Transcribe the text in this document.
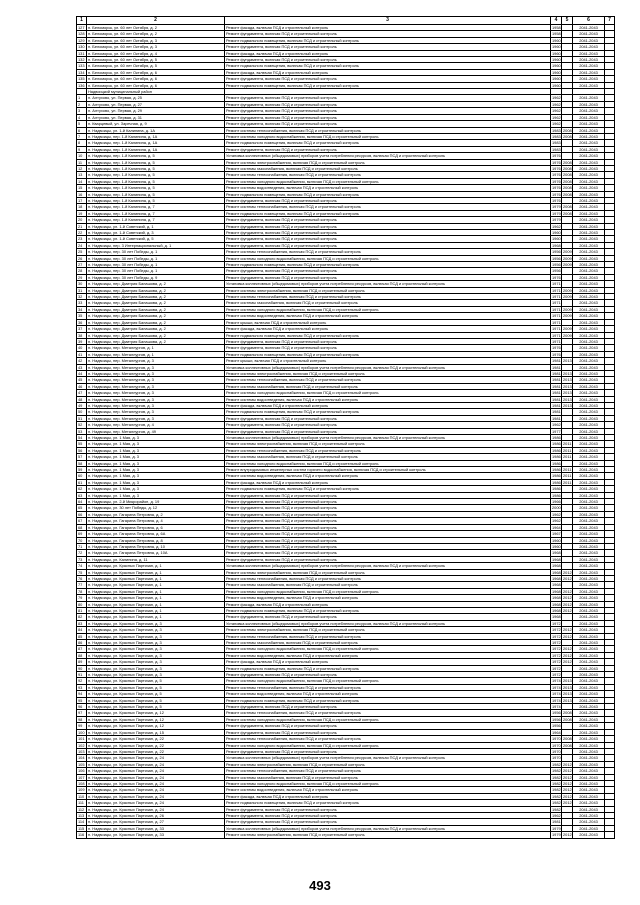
1	2	3	4	5	6	7
127	п. Беломорск, ул. 60 лет Октября, д. 2	Ремонт фасада, включая ПСД и строительный контроль	1958		2041-2043	
128	п. Беломорск, ул. 60 лет Октября, д. 2	Ремонт фундамента, включая ПСД и строительный контроль	1958		2041-2043	
129	п. Беломорск, ул. 60 лет Октября, д. 3	Ремонт подвального помещения, включая ПСД и строительный контроль	1960		2041-2043	
130	п. Беломорск, ул. 60 лет Октября, д. 3	Ремонт фундамента, включая ПСД и строительный контроль	1960		2041-2043	
131	п. Беломорск, ул. 60 лет Октября, д. 4	Ремонт фасада, включая ПСД и строительный контроль	1960		2041-2043	
132	п. Беломорск, ул. 60 лет Октября, д. 5	Ремонт фундамента, включая ПСД и строительный контроль	1960		2041-2043	
133	п. Беломорск, ул. 60 лет Октября, д. 5	Ремонт подвального помещения, включая ПСД и строительный контроль	1960		2041-2043	
134	п. Беломорск, ул. 60 лет Октября, д. 6	Ремонт фасада, включая ПСД и строительный контроль	1960		2041-2043	
135	п. Беломорск, ул. 60 лет Октября, д. 6	Ремонт фундамента, включая ПСД и строительный контроль	1960		2041-2043	
136	п. Беломорск, ул. 60 лет Октября, д. 6	Ремонт подвального помещения, включая ПСД и строительный контроль	1960		2041-2043	
	Надвоицкий муниципальный район					
1	п. Алтухово, ул. Первая, д. 25	Ремонт фундамента, включая ПСД и строительный контроль	1962		2041-2043	
2	п. Алтухово, ул. Первая, д. 27	Ремонт фундамента, включая ПСД и строительный контроль	1962		2041-2043	
3	п. Алтухово, ул. Первая, д. 29	Ремонт фундамента, включая ПСД и строительный контроль	1962		2041-2043	
4	п. Алтухово, ул. Первая, д. 31	Ремонт фундамента, включая ПСД и строительный контроль	1962		2041-2043	
5	п. Кварцевый, ул. Заречная, д. 9	Ремонт фундамента, включая ПСД и строительный контроль	1962		2041-2043	
6	п. Надвоицы, ул. 1-й Калинина, д. 1А	Ремонт системы теплоснабжения, включая ПСД и строительный контроль	1983	2008	2041-2043	
7	п. Надвоицы, пер. 1-й Калинина, д. 1А	Ремонт системы холодного водоснабжения, включая ПСД и строительный контроль	1983	2008	2041-2043	
8	п. Надвоицы, пер. 1-й Калинина, д. 1А	Ремонт подвального помещения, включая ПСД и строительный контроль	1983		2041-2043	
9	п. Надвоицы, пер. 1-й Калинина, д. 1А	Ремонт фундамента, включая ПСД и строительный контроль	1983		2041-2043	
10	п. Надвоицы, пер. 1-й Калинина, д. 5	Установка коллективных (общедомовых) приборов учета потребления ресурсов, включая ПСД и строительный контроль	1976		2041-2043	
11	п. Надвоицы, пер. 1-й Калинина, д. 5	Ремонт системы электроснабжения, включая ПСД и строительный контроль	1976	2008	2041-2043	
12	п. Надвоицы, пер. 1-й Калинина, д. 5	Ремонт системы газоснабжения, включая ПСД и строительный контроль	1976	2008	2041-2043	
13	п. Надвоицы, пер. 1-й Калинина, д. 5	Ремонт системы теплоснабжения, включая ПСД и строительный контроль	1976	2008	2041-2043	
14	п. Надвоицы, пер. 1-й Калинина, д. 5	Ремонт системы холодного водоснабжения, включая ПСД и строительный контроль	1976	2008	2041-2043	
15	п. Надвоицы, пер. 1-й Калинина, д. 5	Ремонт системы водоотведения, включая ПСД и строительный контроль	1976	2008	2041-2043	
16	п. Надвоицы, пер. 1-й Калинина, д. 5	Ремонт подвального помещения, включая ПСД и строительный контроль	1976	2008	2041-2043	
17	п. Надвоицы, пер. 1-й Калинина, д. 5	Ремонт фундамента, включая ПСД и строительный контроль	1976		2041-2043	
18	п. Надвоицы, пер. 1-й Калинина, д. 7	Ремонт системы теплоснабжения, включая ПСД и строительный контроль	1979	2008	2041-2043	
19	п. Надвоицы, пер. 1-й Калинина, д. 7	Ремонт подвального помещения, включая ПСД и строительный контроль	1979	2008	2041-2043	
20	п. Надвоицы, пер. 1-й Калинина, д. 7	Ремонт фундамента, включая ПСД и строительный контроль	1979		2041-2043	
21	п. Надвоицы, ул. 1-й Советский, д. 1	Ремонт фундамента, включая ПСД и строительный контроль	1962		2041-2043	
22	п. Надвоицы, ул. 1-й Советский, д. 3	Ремонт фундамента, включая ПСД и строительный контроль	1960		2041-2043	
23	п. Надвоицы, ул. 1-й Советский, д. 5	Ремонт фундамента, включая ПСД и строительный контроль	1960		2041-2043	
24	п. Надвоицы, пер. 3 Интернациональный, д. 1	Ремонт фундамента, включая ПСД и строительный контроль	1968		2041-2043	
25	п. Надвоицы, пер. 30 лет Победы, д. 1	Ремонт системы теплоснабжения, включая ПСД и строительный контроль	1956	2009	2041-2043	
26	п. Надвоицы, пер. 30 лет Победы, д. 1	Ремонт системы холодного водоснабжения, включая ПСД и строительный контроль	1956	2009	2041-2043	
27	п. Надвоицы, пер. 30 лет Победы, д. 1	Ремонт подвального помещения, включая ПСД и строительный контроль	1956	2009	2041-2043	
28	п. Надвоицы, пер. 30 лет Победы, д. 1	Ремонт фундамента, включая ПСД и строительный контроль	1956		2041-2043	
29	п. Надвоицы, пер. 30 лет Победы, д. 9	Ремонт фундамента, включая ПСД и строительный контроль	1976		2041-2043	
30	п. Надвоицы, пер. Дмитрия Балашова, д. 2	Установка коллективных (общедомовых) приборов учета потребления ресурсов, включая ПСД и строительный контроль	1971		2041-2043	
31	п. Надвоицы, пер. Дмитрия Балашова, д. 2	Ремонт системы электроснабжения, включая ПСД и строительный контроль	1971	2009	2041-2043	
32	п. Надвоицы, пер. Дмитрия Балашова, д. 2	Ремонт системы теплоснабжения, включая ПСД и строительный контроль	1971	2009	2041-2043	
33	п. Надвоицы, пер. Дмитрия Балашова, д. 2	Ремонт системы газоснабжения, включая ПСД и строительный контроль	1971		2041-2043	
34	п. Надвоицы, пер. Дмитрия Балашова, д. 2	Ремонт системы холодного водоснабжения, включая ПСД и строительный контроль	1971	2009	2041-2043	
35	п. Надвоицы, пер. Дмитрия Балашова, д. 2	Ремонт системы водоотведения, включая ПСД и строительный контроль	1971	2009	2041-2043	
36	п. Надвоицы, пер. Дмитрия Балашова, д. 2	Ремонт крыши, включая ПСД и строительный контроль	1971		2041-2043	
37	п. Надвоицы, пер. Дмитрия Балашова, д. 2	Ремонт фасада, включая ПСД и строительный контроль	1971	2009	2041-2043	
38	п. Надвоицы, пер. Дмитрия Балашова, д. 2	Ремонт подвального помещения, включая ПСД и строительный контроль	1971	2009	2041-2043	
39	п. Надвоицы, пер. Дмитрия Балашова, д. 2	Ремонт фундамента, включая ПСД и строительный контроль	1971		2041-2043	
40	п. Надвоицы, пер. Металлургов, д. 1	Ремонт фундамента, включая ПСД и строительный контроль	1976		2041-2043	
41	п. Надвоицы, пер. Металлургов, д. 1	Ремонт подвального помещения, включая ПСД и строительный контроль	1976		2041-2043	
42	п. Надвоицы, пер. Металлургов, д. 3	Ремонт крыши, включая ПСД и строительный контроль	1981	2013	2041-2043	
43	п. Надвоицы, пер. Металлургов, д. 3	Установка коллективных (общедомовых) приборов учета потребления ресурсов, включая ПСД и строительный контроль	1981		2041-2043	
44	п. Надвоицы, пер. Металлургов, д. 3	Ремонт системы электроснабжения, включая ПСД и строительный контроль	1981	2013	2041-2043	
45	п. Надвоицы, пер. Металлургов, д. 3	Ремонт системы теплоснабжения, включая ПСД и строительный контроль	1981	2013	2041-2043	
46	п. Надвоицы, пер. Металлургов, д. 3	Ремонт системы газоснабжения, включая ПСД и строительный контроль	1981	2013	2041-2043	
47	п. Надвоицы, пер. Металлургов, д. 3	Ремонт системы холодного водоснабжения, включая ПСД и строительный контроль	1981	2013	2041-2043	
48	п. Надвоицы, пер. Металлургов, д. 3	Ремонт системы водоотведения, включая ПСД и строительный контроль	1981	2013	2041-2043	
49	п. Надвоицы, пер. Металлургов, д. 3	Ремонт фасада, включая ПСД и строительный контроль	1981	2013	2041-2043	
50	п. Надвоицы, пер. Металлургов, д. 3	Ремонт подвального помещения, включая ПСД и строительный контроль	1981		2041-2043	
51	п. Надвоицы, пер. Металлургов, д. 3	Ремонт фундамента, включая ПСД и строительный контроль	1981		2041-2043	
52	п. Надвоицы, пер. Металлургов, д. 4	Ремонт фундамента, включая ПСД и строительный контроль	1962		2041-2043	
53	п. Надвоицы, пер. Металлургов, д. 49	Ремонт фундамента, включая ПСД и строительный контроль	1977		2041-2043	
54	п. Надвоицы, ул. 1 Мая, д. 3	Установка коллективных (общедомовых) приборов учета потребления ресурсов, включая ПСД и строительный контроль	1986		2041-2043	
55	п. Надвоицы, ул. 1 Мая, д. 3	Ремонт системы электроснабжения, включая ПСД и строительный контроль	1986	2011	2041-2043	
56	п. Надвоицы, ул. 1 Мая, д. 3	Ремонт системы теплоснабжения, включая ПСД и строительный контроль	1986	2011	2041-2043	
57	п. Надвоицы, ул. 1 Мая, д. 3	Ремонт системы газоснабжения, включая ПСД и строительный контроль	1986	2011	2041-2043	
58	п. Надвоицы, ул. 1 Мая, д. 3	Ремонт системы холодного водоснабжения, включая ПСД и строительный контроль	1986		2041-2043	
59	п. Надвоицы, ул. 1 Мая, д. 3	Ремонт внутридомовых инженерных систем горячего водоснабжения, включая ПСД и строительный контроль	1986	2011	2041-2043	
60	п. Надвоицы, ул. 1 Мая, д. 3	Ремонт системы водоотведения, включая ПСД и строительный контроль	1986	2011	2041-2043	
61	п. Надвоицы, ул. 1 Мая, д. 3	Ремонт фасада, включая ПСД и строительный контроль	1986	2011	2041-2043	
62	п. Надвоицы, ул. 1 Мая, д. 3	Ремонт подвального помещения, включая ПСД и строительный контроль	1986		2041-2043	
63	п. Надвоицы, ул. 1 Мая, д. 3	Ремонт фундамента, включая ПСД и строительный контроль	1986		2041-2043	
64	п. Надвоицы, ул. 2-й Микрорайон, д. 19	Ремонт фундамента, включая ПСД и строительный контроль	1966		2041-2043	
65	п. Надвоицы, ул. 30 лет Победы, д. 12	Ремонт фундамента, включая ПСД и строительный контроль	2000		2041-2043	
66	п. Надвоицы, ул. Гагарина Петровна, д. 2	Ремонт фундамента, включая ПСД и строительный контроль	1962		2041-2043	
67	п. Надвоицы, ул. Гагарина Петровна, д. 4	Ремонт фундамента, включая ПСД и строительный контроль	1962		2041-2043	
68	п. Надвоицы, ул. Гагарина Петровна, д. 6	Ремонт фундамента, включая ПСД и строительный контроль	1964		2041-2043	
69	п. Надвоицы, ул. Гагарина Петровна, д. 6А	Ремонт фундамента, включая ПСД и строительный контроль	1967		2041-2043	
70	п. Надвоицы, ул. Гагарина Петровна, д. 8	Ремонт фундамента, включая ПСД и строительный контроль	1960		2041-2043	
71	п. Надвоицы, ул. Гагарина Петровна, д. 10	Ремонт фундамента, включая ПСД и строительный контроль	1960		2041-2043	
72	п. Надвоицы, ул. Гагарина Петровна, д. 10А	Ремонт фундамента, включая ПСД и строительный контроль	1968		2041-2043	
73	п. Надвоицы, ул. Калинина, д. 11	Ремонт фундамента, включая ПСД и строительный контроль	1968		2041-2043	
74	п. Надвоицы, ул. Красных Партизан, д. 1	Установка коллективных (общедомовых) приборов учета потребления ресурсов, включая ПСД и строительный контроль	1968		2041-2043	
75	п. Надвоицы, ул. Красных Партизан, д. 1	Ремонт системы электроснабжения, включая ПСД и строительный контроль	1968	2012	2041-2043	
76	п. Надвоицы, ул. Красных Партизан, д. 1	Ремонт системы теплоснабжения, включая ПСД и строительный контроль	1968	2012	2041-2043	
77	п. Надвоицы, ул. Красных Партизан, д. 1	Ремонт системы газоснабжения, включая ПСД и строительный контроль	1968		2041-2043	
78	п. Надвоицы, ул. Красных Партизан, д. 1	Ремонт системы холодного водоснабжения, включая ПСД и строительный контроль	1968	2012	2041-2043	
79	п. Надвоицы, ул. Красных Партизан, д. 1	Ремонт системы водоотведения, включая ПСД и строительный контроль	1968	2012	2041-2043	
80	п. Надвоицы, ул. Красных Партизан, д. 1	Ремонт фасада, включая ПСД и строительный контроль	1968	2012	2041-2043	
81	п. Надвоицы, ул. Красных Партизан, д. 1	Ремонт подвального помещения, включая ПСД и строительный контроль	1968	2012	2041-2043	
82	п. Надвоицы, ул. Красных Партизан, д. 1	Ремонт фундамента, включая ПСД и строительный контроль	1968		2041-2043	
83	п. Надвоицы, ул. Красных Партизан, д. 3	Установка коллективных (общедомовых) приборов учета потребления ресурсов, включая ПСД и строительный контроль	1972		2041-2043	
84	п. Надвоицы, ул. Красных Партизан, д. 3	Ремонт системы электроснабжения, включая ПСД и строительный контроль	1972	2012	2041-2043	
85	п. Надвоицы, ул. Красных Партизан, д. 3	Ремонт системы теплоснабжения, включая ПСД и строительный контроль	1972	2012	2041-2043	
86	п. Надвоицы, ул. Красных Партизан, д. 3	Ремонт системы газоснабжения, включая ПСД и строительный контроль	1972		2041-2043	
87	п. Надвоицы, ул. Красных Партизан, д. 3	Ремонт системы холодного водоснабжения, включая ПСД и строительный контроль	1972	2012	2041-2043	
88	п. Надвоицы, ул. Красных Партизан, д. 3	Ремонт системы водоотведения, включая ПСД и строительный контроль	1972	2012	2041-2043	
89	п. Надвоицы, ул. Красных Партизан, д. 3	Ремонт фасада, включая ПСД и строительный контроль	1972	2012	2041-2043	
90	п. Надвоицы, ул. Красных Партизан, д. 3	Ремонт подвального помещения, включая ПСД и строительный контроль	1972		2041-2043	
91	п. Надвоицы, ул. Красных Партизан, д. 3	Ремонт фундамента, включая ПСД и строительный контроль	1972		2041-2043	
92	п. Надвоицы, ул. Красных Партизан, д. 5	Ремонт системы холодного водоснабжения, включая ПСД и строительный контроль	1974	2013	2041-2043	
93	п. Надвоицы, ул. Красных Партизан, д. 5	Ремонт системы теплоснабжения, включая ПСД и строительный контроль	1974	2013	2041-2043	
94	п. Надвоицы, ул. Красных Партизан, д. 5	Ремонт системы водоотведения, включая ПСД и строительный контроль	1974	2013	2041-2043	
95	п. Надвоицы, ул. Красных Партизан, д. 5	Ремонт подвального помещения, включая ПСД и строительный контроль	1974	2013	2041-2043	
96	п. Надвоицы, ул. Красных Партизан, д. 5	Ремонт фундамента, включая ПСД и строительный контроль	1974		2041-2043	
97	п. Надвоицы, ул. Красных Партизан, д. 12	Ремонт системы теплоснабжения, включая ПСД и строительный контроль	1956	2008	2041-2043	
98	п. Надвоицы, ул. Красных Партизан, д. 12	Ремонт системы холодного водоснабжения, включая ПСД и строительный контроль	1956	2008	2041-2043	
99	п. Надвоицы, ул. Красных Партизан, д. 12	Ремонт фундамента, включая ПСД и строительный контроль	1956		2041-2043	
100	п. Надвоицы, ул. Красных Партизан, д. 15	Ремонт фундамента, включая ПСД и строительный контроль	1964		2041-2043	
101	п. Надвоицы, ул. Красных Партизан, д. 22	Ремонт системы теплоснабжения, включая ПСД и строительный контроль	1970	2008	2041-2043	
102	п. Надвоицы, ул. Красных Партизан, д. 22	Ремонт системы холодного водоснабжения, включая ПСД и строительный контроль	1970	2008	2041-2043	
103	п. Надвоицы, ул. Красных Партизан, д. 22	Ремонт фундамента, включая ПСД и строительный контроль	1970		2041-2043	
104	п. Надвоицы, ул. Красных Партизан, д. 24	Установка коллективных (общедомовых) приборов учета потребления ресурсов, включая ПСД и строительный контроль	1970		2041-2043	
105	п. Надвоицы, ул. Красных Партизан, д. 24	Ремонт системы электроснабжения, включая ПСД и строительный контроль	1982	2012	2041-2043	
106	п. Надвоицы, ул. Красных Партизан, д. 24	Ремонт системы теплоснабжения, включая ПСД и строительный контроль	1982	2012	2041-2043	
107	п. Надвоицы, ул. Красных Партизан, д. 24	Ремонт системы газоснабжения, включая ПСД и строительный контроль	1982	2012	2041-2043	
108	п. Надвоицы, ул. Красных Партизан, д. 24	Ремонт системы холодного водоснабжения, включая ПСД и строительный контроль	1982	2012	2041-2043	
109	п. Надвоицы, ул. Красных Партизан, д. 24	Ремонт системы водоотведения, включая ПСД и строительный контроль	1982	2012	2041-2043	
110	п. Надвоицы, ул. Красных Партизан, д. 24	Ремонт фасада, включая ПСД и строительный контроль	1982	2012	2041-2043	
111	п. Надвоицы, ул. Красных Партизан, д. 24	Ремонт подвального помещения, включая ПСД и строительный контроль	1982	2012	2041-2043	
112	п. Надвоицы, ул. Красных Партизан, д. 24	Ремонт фундамента, включая ПСД и строительный контроль	1982		2041-2043	
113	п. Надвоицы, ул. Красных Партизан, д. 26	Ремонт фундамента, включая ПСД и строительный контроль	1962		2041-2043	
114	п. Надвоицы, ул. Красных Партизан, д. 27	Ремонт фундамента, включая ПСД и строительный контроль	1981		2041-2043	
115	п. Надвоицы, ул. Красных Партизан, д. 33	Установка коллективных (общедомовых) приборов учета потребления ресурсов, включая ПСД и строительный контроль	1979		2041-2043	
116	п. Надвоицы, ул. Красных Партизан, д. 33	Ремонт системы электроснабжения, включая ПСД и строительный контроль	1979	2012	2041-2043	
493
